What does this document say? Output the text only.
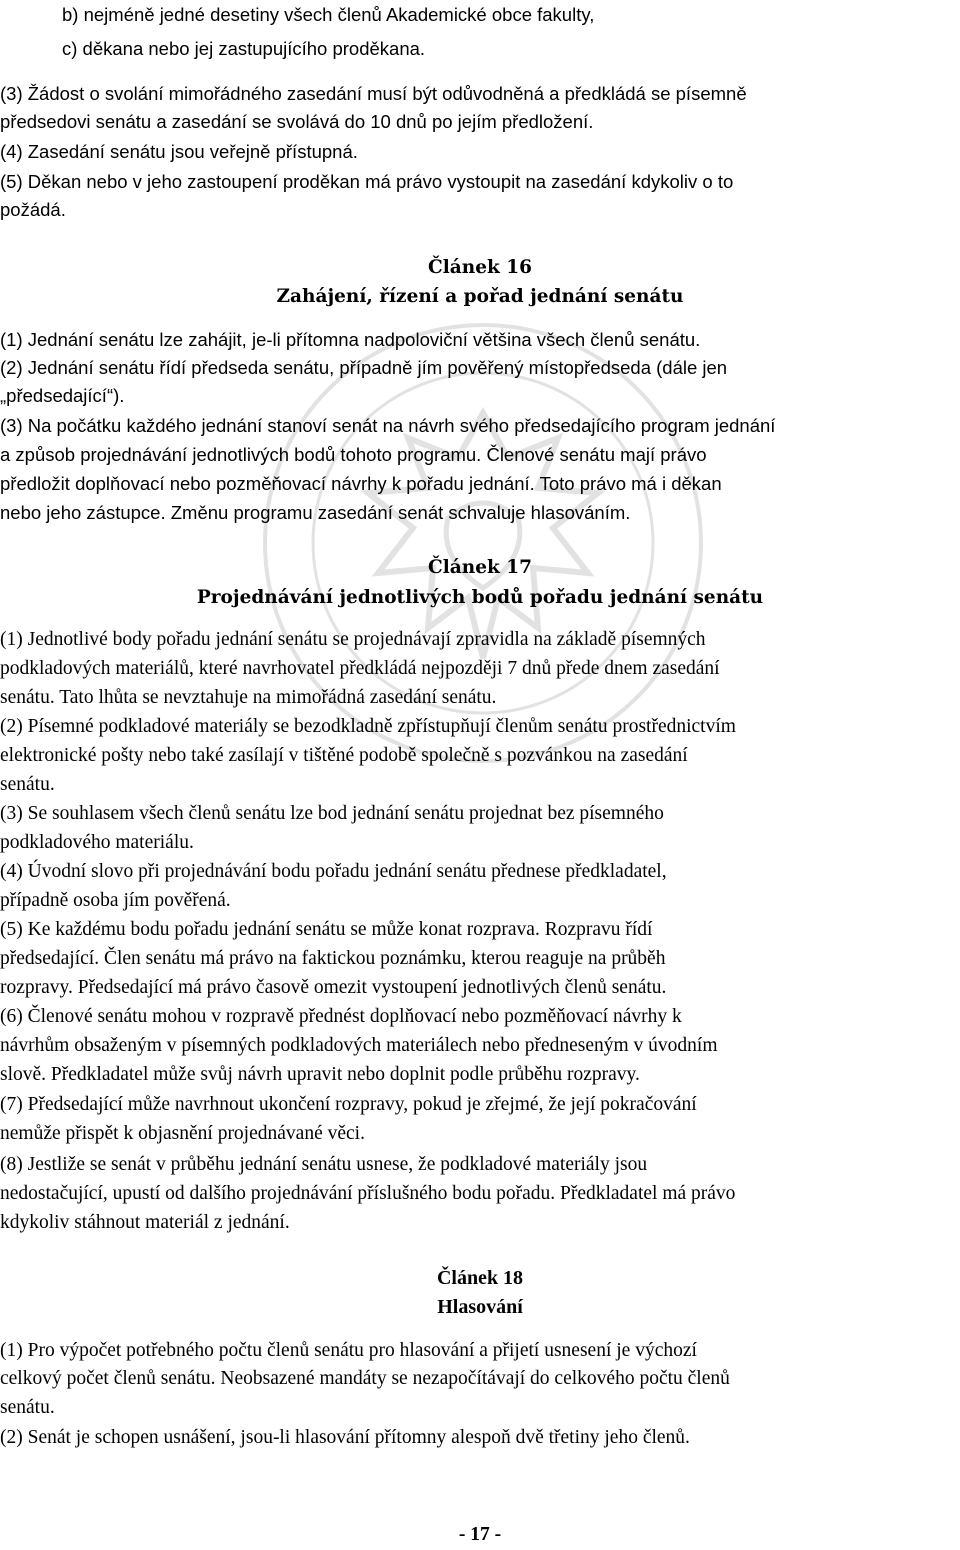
b) nejméně jedné desetiny všech členů Akademické obce fakulty,
c) děkana nebo jej zastupujícího proděkana.
(3) Žádost o svolání mimořádného zasedání musí být odůvodněná a předkládá se písemně
předsedovi senátu a zasedání se svolává do 10 dnů po jejím předložení.
(4) Zasedání senátu jsou veřejně přístupná.
(5) Děkan nebo v jeho zastoupení proděkan má právo vystoupit na zasedání kdykoliv o to
požádá.
Článek 16
Zahájení, řízení a pořad jednání senátu
(1) Jednání senátu lze zahájit, je-li přítomna nadpoloviční většina všech členů senátu.
(2) Jednání senátu řídí předseda senátu, případně jím pověřený místopředseda (dále jen
„předsedající“).
(3) Na počátku každého jednání stanoví senát na návrh svého předsedajícího program jednání
a způsob projednávání jednotlivých bodů tohoto programu. Členové senátu mají právo
předložit doplňovací nebo pozměňovací návrhy k pořadu jednání. Toto právo má i děkan
nebo jeho zástupce. Změnu programu zasedání senát schvaluje hlasováním.
Článek 17
Projednávání jednotlivých bodů pořadu jednání senátu
(1) Jednotlivé body pořadu jednání senátu se projednávají zpravidla na základě písemných
podkladových materiálů, které navrhovatel předkládá nejpozději 7 dnů přede dnem zasedání
senátu. Tato lhůta se nevztahuje na mimořádná zasedání senátu.
(2) Písemné podkladové materiály se bezodkladně zpřístupňují členům senátu prostřednictvím
elektronické pošty nebo také zasílají v tištěné podobě společně s pozvánkou na zasedání
senátu.
(3) Se souhlasem všech členů senátu lze bod jednání senátu projednat bez písemného
podkladového materiálu.
(4) Úvodní slovo při projednávání bodu pořadu jednání senátu přednese předkladatel,
případně osoba jím pověřená.
(5) Ke každému bodu pořadu jednání senátu se může konat rozprava. Rozpravu řídí
předsedající. Člen senátu má právo na faktickou poznámku, kterou reaguje na průběh
rozpravy. Předsedající má právo časově omezit vystoupení jednotlivých členů senátu.
(6) Členové senátu mohou v rozpravě přednést doplňovací nebo pozměňovací návrhy k
návrhům obsaženým v písemných podkladových materiálech nebo předneseným v úvodním
slově. Předkladatel může svůj návrh upravit nebo doplnit podle průběhu rozpravy.
(7) Předsedající může navrhnout ukončení rozpravy, pokud je zřejmé, že její pokračování
nemůže přispět k objasnění projednávané věci.
(8) Jestliže se senát v průběhu jednání senátu usnese, že podkladové materiály jsou
nedostačující, upustí od dalšího projednávání příslušného bodu pořadu. Předkladatel má právo
kdykoliv stáhnout materiál z jednání.
Článek 18
Hlasování
(1) Pro výpočet potřebného počtu členů senátu pro hlasování a přijetí usnesení je výchozí
celkový počet členů senátu. Neobsazené mandáty se nezapočítávají do celkového počtu členů
senátu.
(2) Senát je schopen usnášení, jsou-li hlasování přítomny alespoň dvě třetiny jeho členů.
- 17 -
